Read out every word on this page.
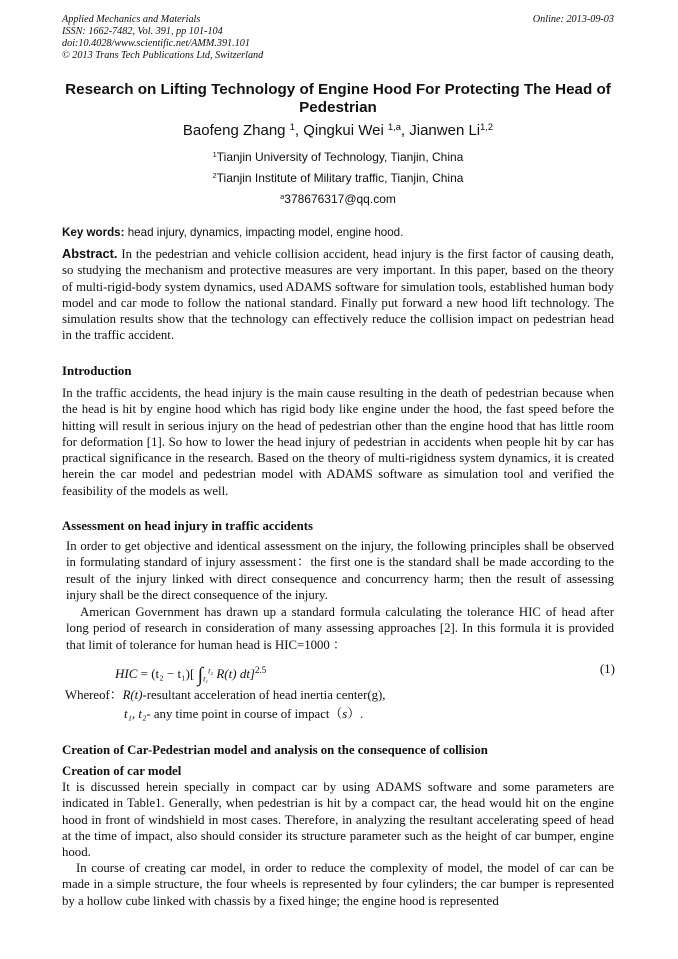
Applied Mechanics and Materials
ISSN: 1662-7482, Vol. 391, pp 101-104
doi:10.4028/www.scientific.net/AMM.391.101
© 2013 Trans Tech Publications Ltd, Switzerland
Online: 2013-09-03
Research on Lifting Technology of Engine Hood For Protecting The Head of Pedestrian
Baofeng Zhang $^1$, Qingkui Wei $^{1,a}$, Jianwen Li$^{1,2}$
$^1$Tianjin University of Technology, Tianjin, China
$^2$Tianjin Institute of Military traffic, Tianjin, China
$^a$378676317@qq.com
Key words: head injury, dynamics, impacting model, engine hood.
Abstract. In the pedestrian and vehicle collision accident, head injury is the first factor of causing death, so studying the mechanism and protective measures are very important. In this paper, based on the theory of multi-rigid-body system dynamics, used ADAMS software for simulation tools, established human body model and car mode to follow the national standard. Finally put forward a new hood lift technology. The simulation results show that the technology can effectively reduce the collision impact on pedestrian head in the traffic accident.
Introduction
In the traffic accidents, the head injury is the main cause resulting in the death of pedestrian because when the head is hit by engine hood which has rigid body like engine under the hood, the fast speed before the hitting will result in serious injury on the head of pedestrian other than the engine hood that has little room for deformation [1]. So how to lower the head injury of pedestrian in accidents when people hit by car has practical significance in the research. Based on the theory of multi-rigidness system dynamics, it is created herein the car model and pedestrian model with ADAMS software as simulation tool and verified the feasibility of the models as well.
Assessment on head injury in traffic accidents
In order to get objective and identical assessment on the injury, the following principles shall be observed in formulating standard of injury assessment：the first one is the standard shall be made according to the result of the injury linked with direct consequence and concurrency harm; then the result of assessing injury shall be the direct consequence of the injury.
American Government has drawn up a standard formula calculating the tolerance HIC of head after long period of research in consideration of many assessing approaches [2]. In this formula it is provided that limit of tolerance for human head is HIC=1000 ：
HIC = (t₂ − t₁)[ $\int_{t_1}^{t_2}$ R(t) dt]$^{2.5}$	(1)
Whereof：R(t)-resultant acceleration of head inertia center(g),
t₁, t₂- any time point in course of impact（s）.
Creation of Car-Pedestrian model and analysis on the consequence of collision
Creation of car model
It is discussed herein specially in compact car by using ADAMS software and some parameters are indicated in Table1. Generally, when pedestrian is hit by a compact car, the head would hit on the engine hood in front of windshield in most cases. Therefore, in analyzing the resultant accelerating speed of head at the time of impact, also should consider its structure parameter such as the height of car bumper, engine hood.
In course of creating car model, in order to reduce the complexity of model, the model of car can be made in a simple structure, the four wheels is represented by four cylinders; the car bumper is represented by a hollow cube linked with chassis by a fixed hinge; the engine hood is represented
